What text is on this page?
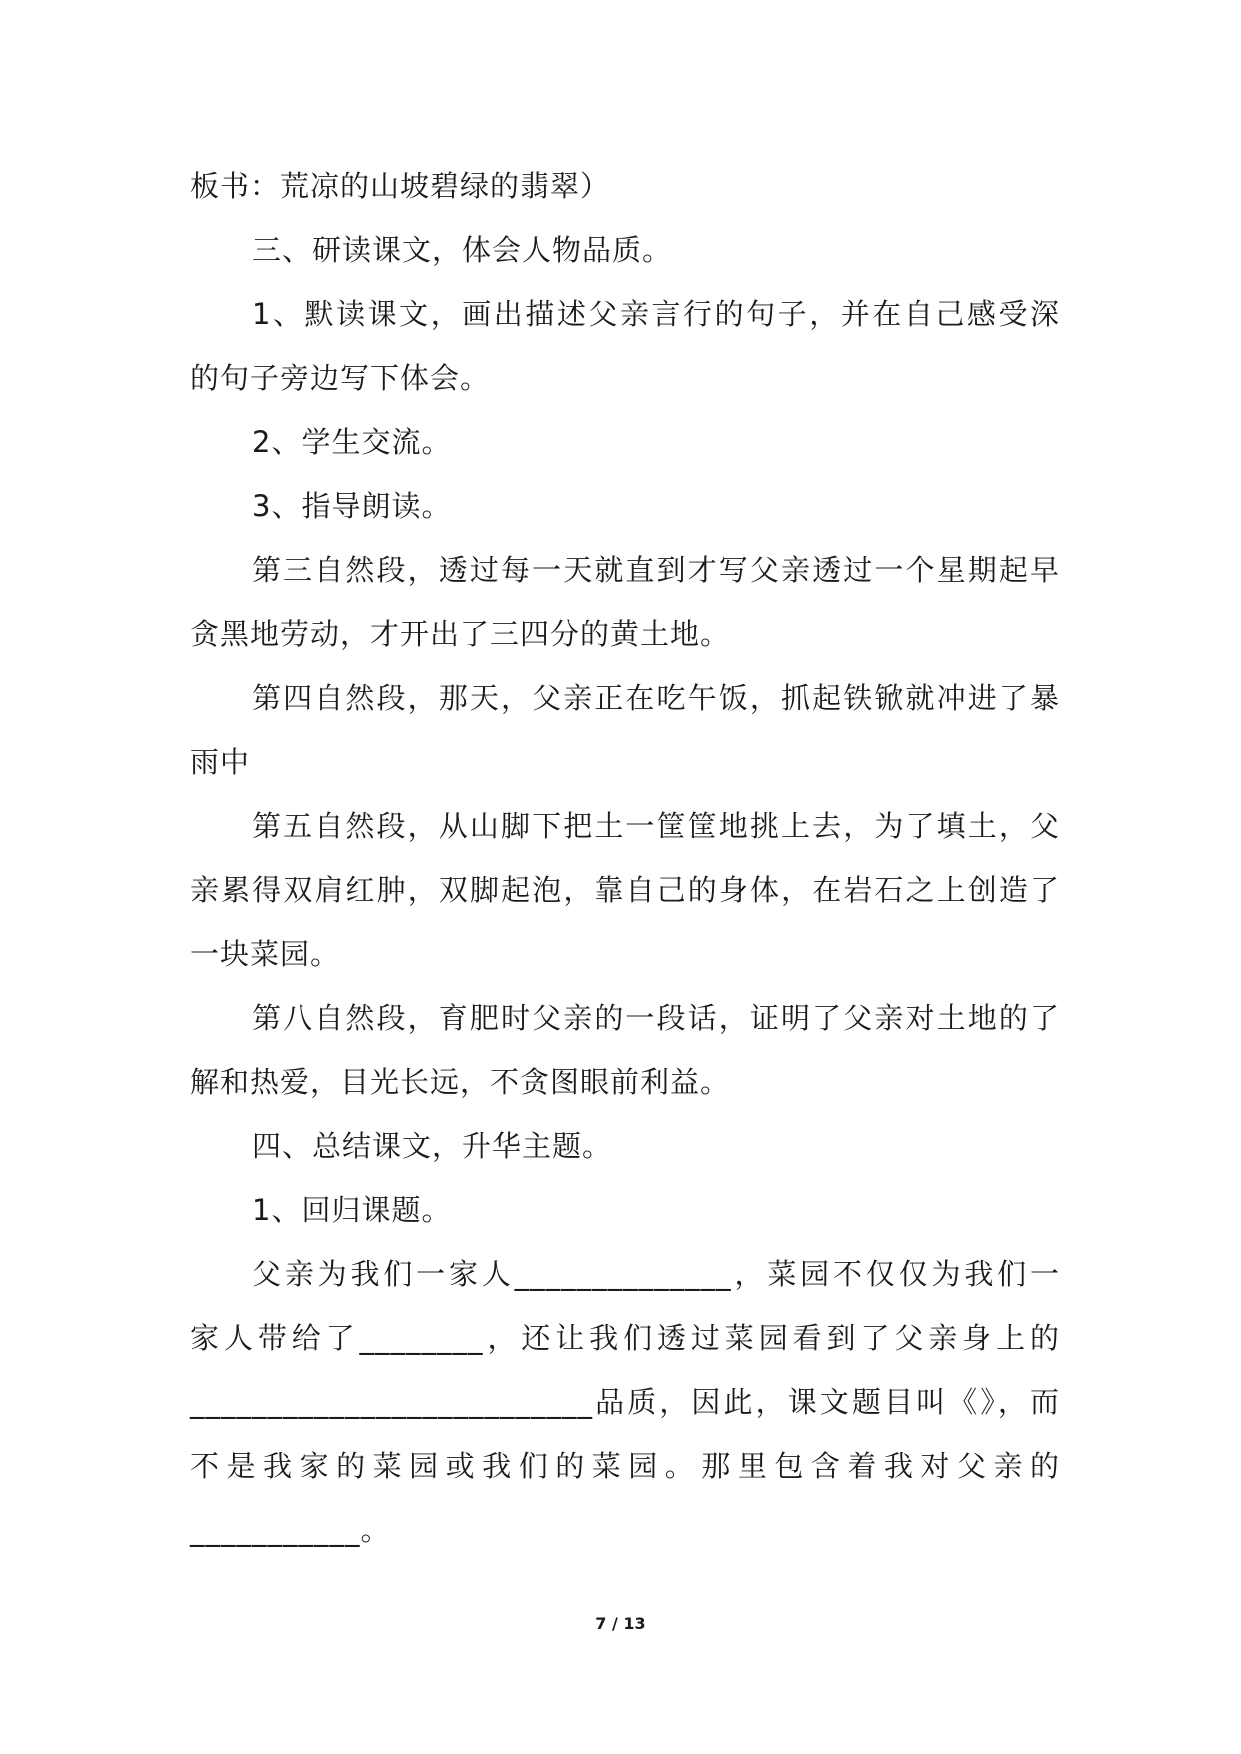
板书：荒凉的山坡碧绿的翡翠）
三、研读课文，体会人物品质。
1、默读课文，画出描述父亲言行的句子，并在自己感受深
的句子旁边写下体会。
2、学生交流。
3、指导朗读。
第三自然段，透过每一天就直到才写父亲透过一个星期起早
贪黑地劳动，才开出了三四分的黄土地。
第四自然段，那天，父亲正在吃午饭，抓起铁锨就冲进了暴
雨中
第五自然段，从山脚下把土一筐筐地挑上去，为了填土，父
亲累得双肩红肿，双脚起泡，靠自己的身体，在岩石之上创造了
一块菜园。
第八自然段，育肥时父亲的一段话，证明了父亲对土地的了
解和热爱，目光长远，不贪图眼前利益。
四、总结课文，升华主题。
1、回归课题。
父亲为我们一家人______________，菜园不仅仅为我们一
家人带给了________，还让我们透过菜园看到了父亲身上的
__________________________品质，因此，课文题目叫《》，而
不是我家的菜园或我们的菜园。那里包含着我对父亲的
___________。
7 / 13
